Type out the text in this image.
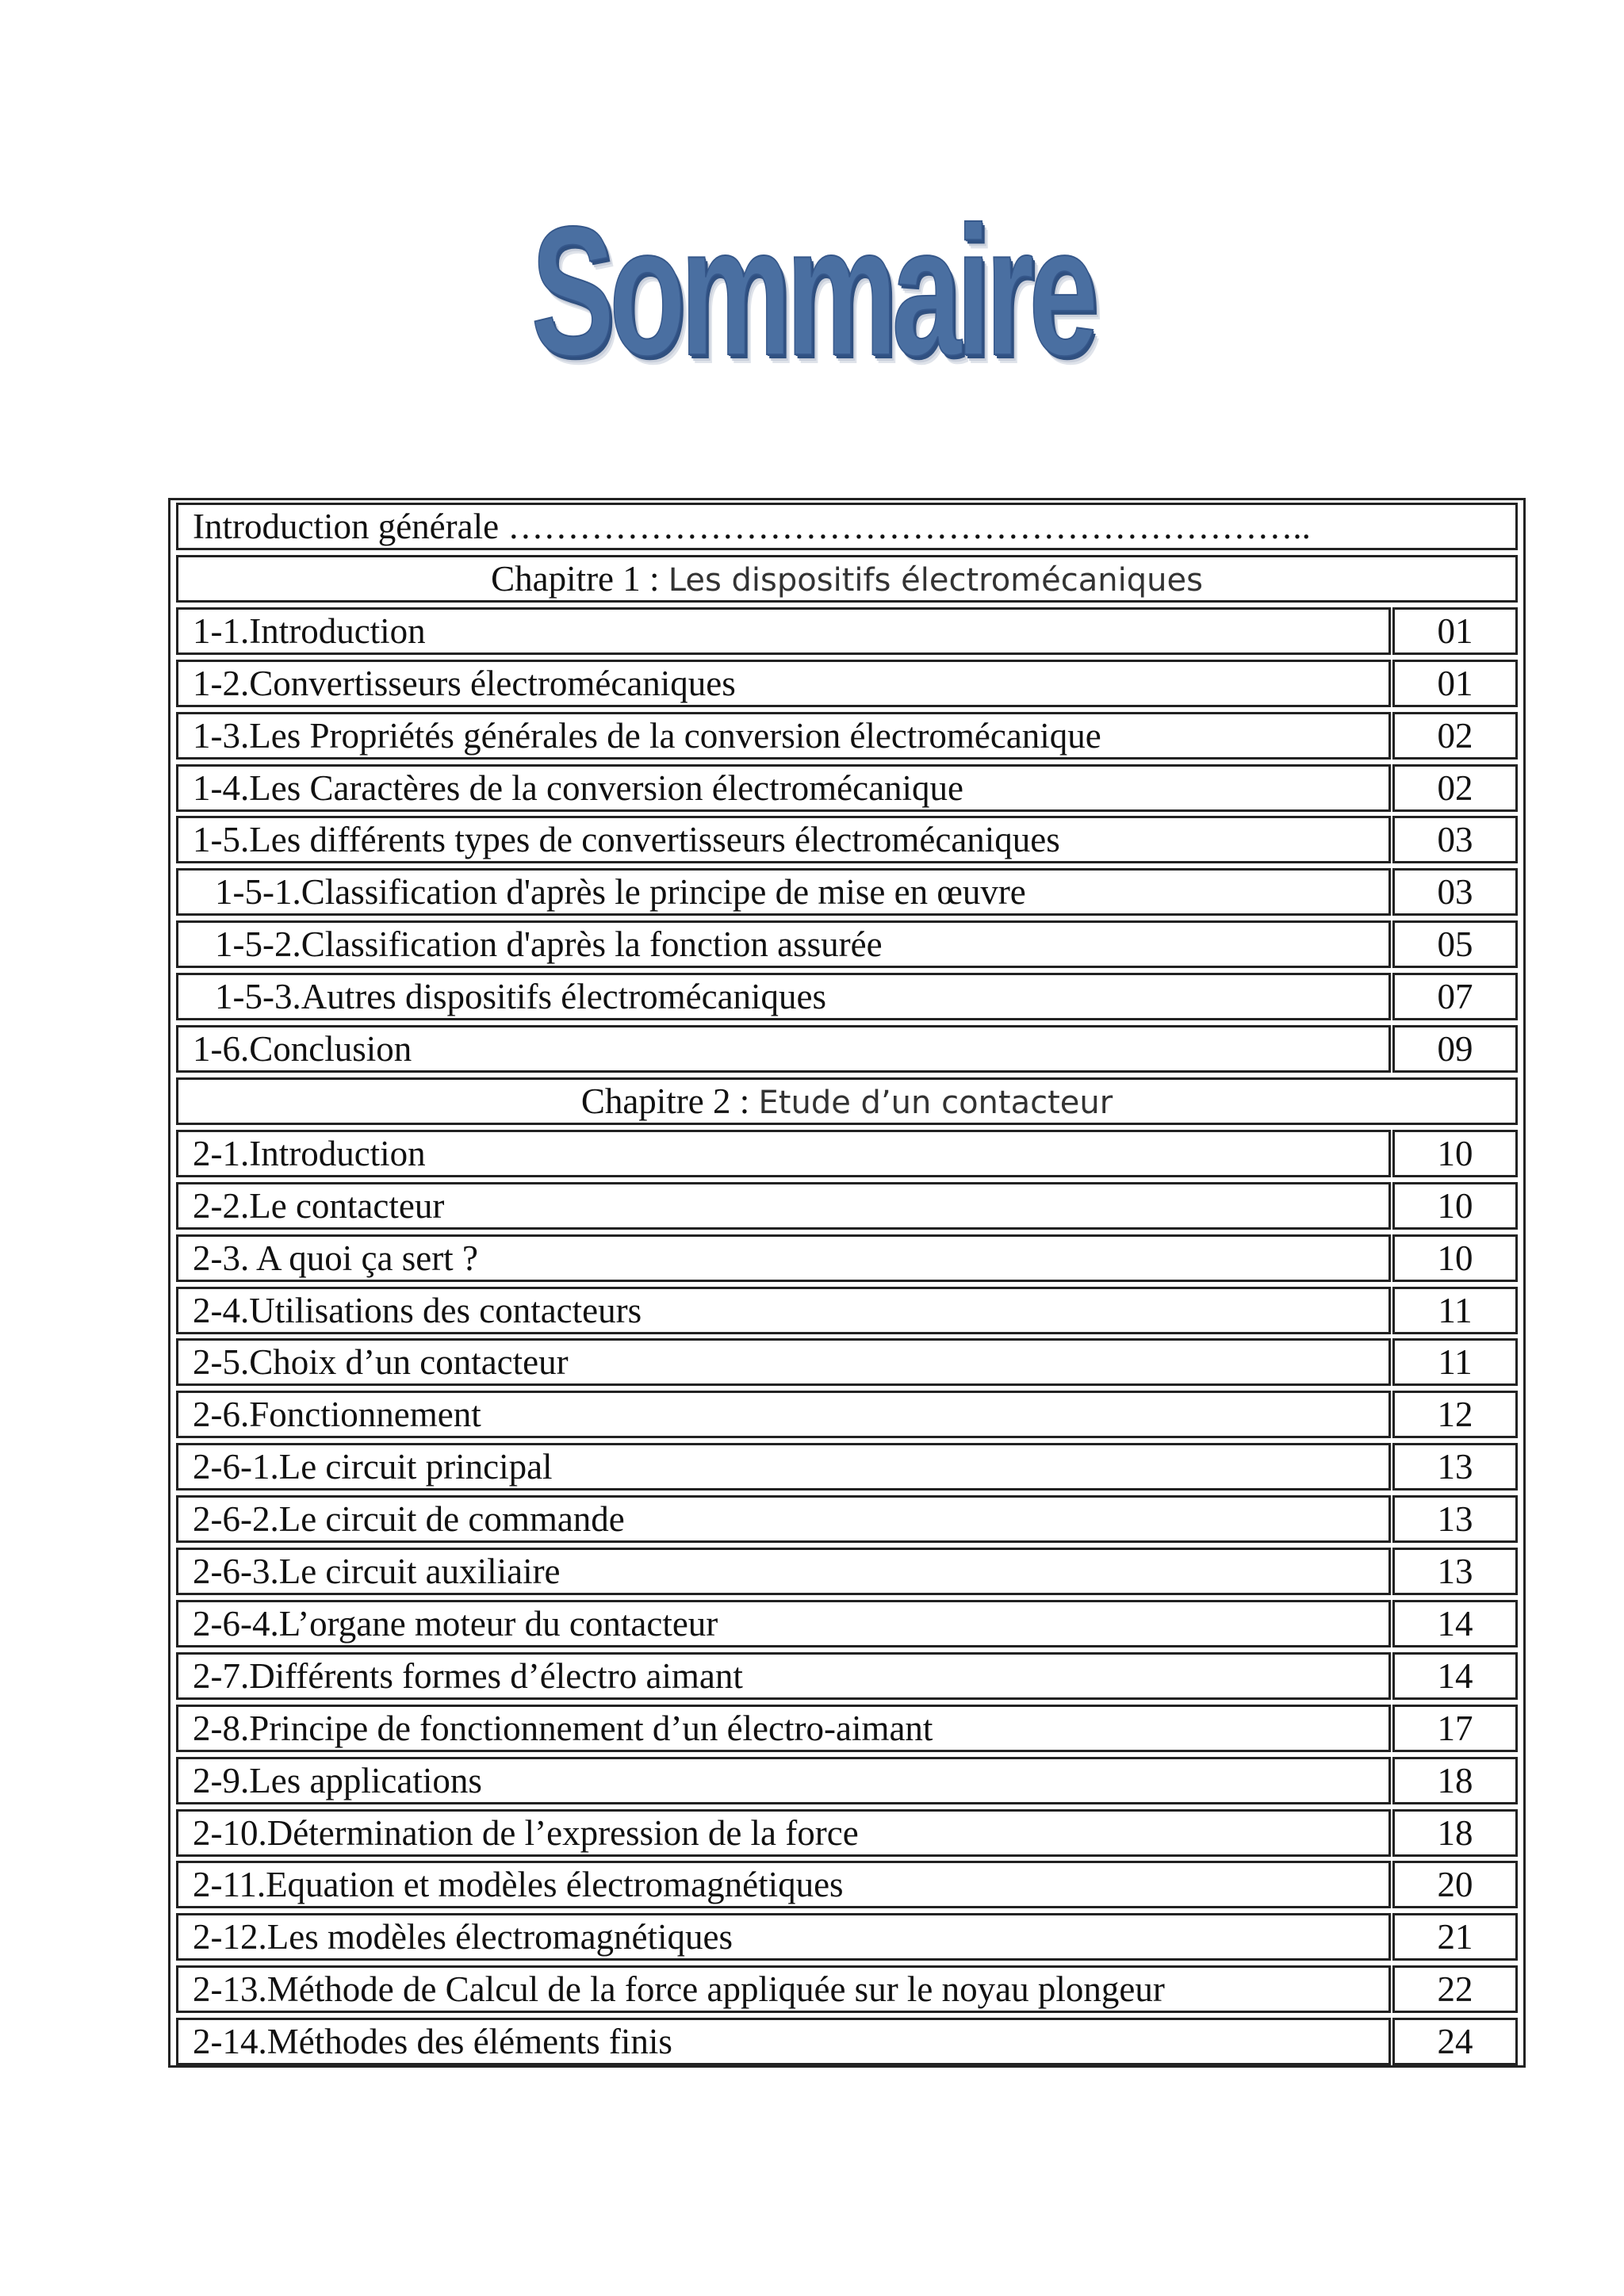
Sommaire
Introduction générale …………………………………………………………..
Chapitre 1 : Les dispositifs électromécaniques
1-1.Introduction	01
1-2.Convertisseurs électromécaniques	01
1-3.Les Propriétés générales de la conversion électromécanique	02
1-4.Les Caractères de la conversion électromécanique	02
1-5.Les différents types de convertisseurs électromécaniques	03
1-5-1.Classification d'après le principe de mise en œuvre	03
1-5-2.Classification d'après la fonction assurée	05
1-5-3.Autres dispositifs électromécaniques	07
1-6.Conclusion	09
Chapitre 2 : Etude d’un contacteur
2-1.Introduction	10
2-2.Le contacteur	10
2-3. A quoi ça sert ?	10
2-4.Utilisations des contacteurs	11
2-5.Choix d’un contacteur	11
2-6.Fonctionnement	12
2-6-1.Le circuit principal	13
2-6-2.Le circuit de commande	13
2-6-3.Le circuit auxiliaire	13
2-6-4.L’organe moteur du contacteur	14
2-7.Différents formes d’électro aimant	14
2-8.Principe de fonctionnement d’un électro-aimant	17
2-9.Les applications	18
2-10.Détermination de l’expression de la force	18
2-11.Equation et modèles électromagnétiques	20
2-12.Les modèles électromagnétiques	21
2-13.Méthode de Calcul de la force appliquée sur le noyau plongeur	22
2-14.Méthodes des éléments finis	24
